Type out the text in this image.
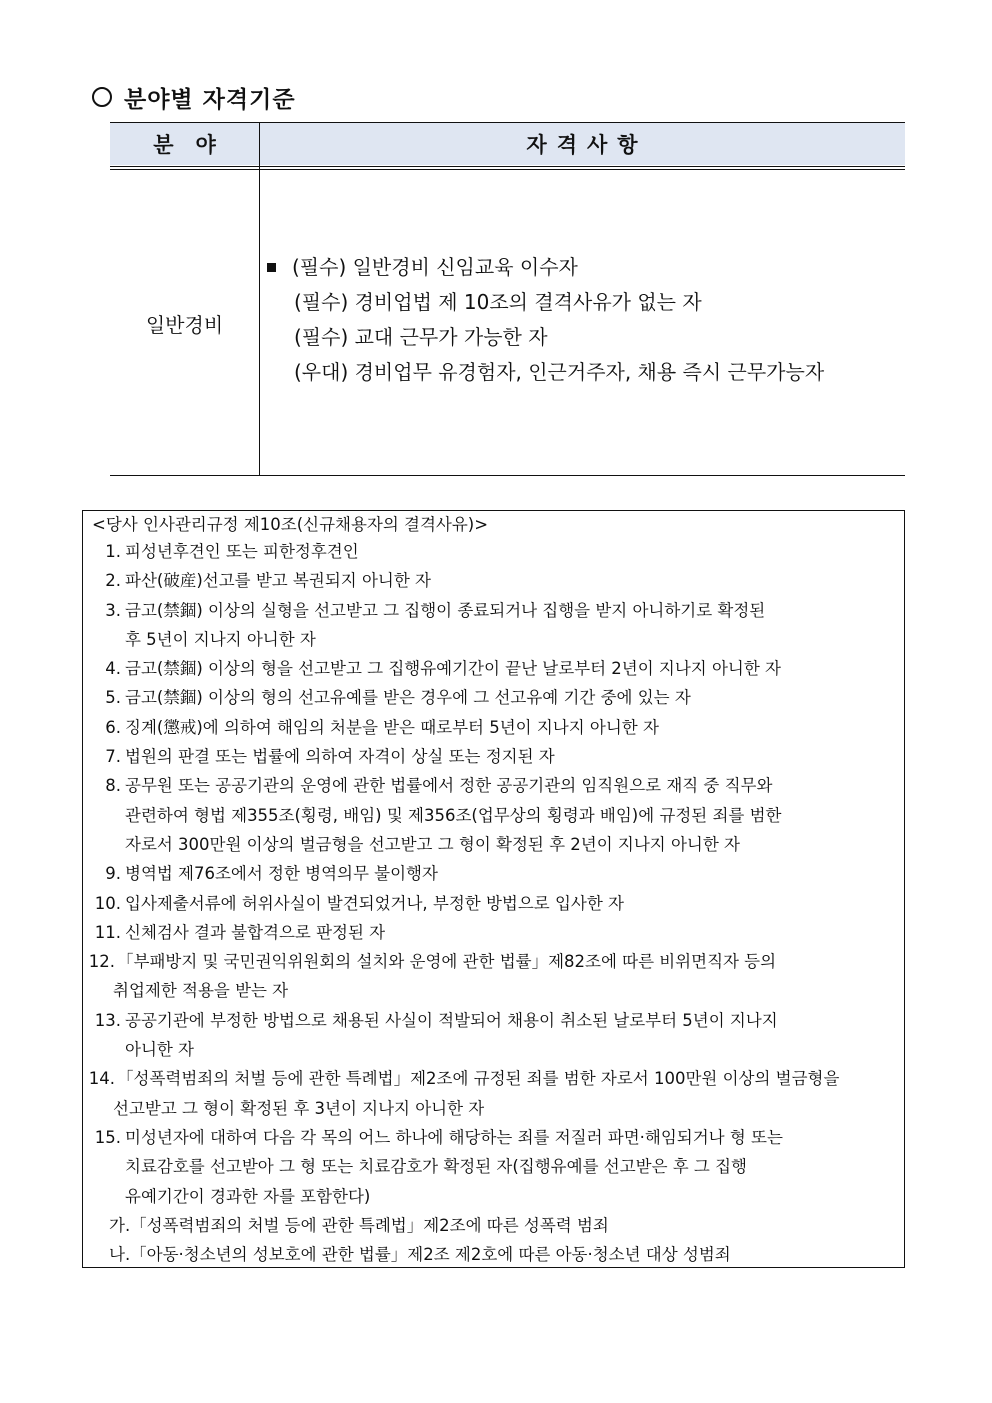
분야별 자격기준
분야	자격사항
일반경비
(필수) 일반경비 신임교육 이수자
(필수) 경비업법 제 10조의 결격사유가 없는 자
(필수) 교대 근무가 가능한 자
(우대) 경비업무 유경험자, 인근거주자, 채용 즉시 근무가능자
<당사 인사관리규정 제10조(신규채용자의 결격사유)>
1. 피성년후견인 또는 피한정후견인
2. 파산(破産)선고를 받고 복권되지 아니한 자
3. 금고(禁錮) 이상의 실형을 선고받고 그 집행이 종료되거나 집행을 받지 아니하기로 확정된
후 5년이 지나지 아니한 자
4. 금고(禁錮) 이상의 형을 선고받고 그 집행유예기간이 끝난 날로부터 2년이 지나지 아니한 자
5. 금고(禁錮) 이상의 형의 선고유예를 받은 경우에 그 선고유예 기간 중에 있는 자
6. 징계(懲戒)에 의하여 해임의 처분을 받은 때로부터 5년이 지나지 아니한 자
7. 법원의 판결 또는 법률에 의하여 자격이 상실 또는 정지된 자
8. 공무원 또는 공공기관의 운영에 관한 법률에서 정한 공공기관의 임직원으로 재직 중 직무와
관련하여 형법 제355조(횡령, 배임) 및 제356조(업무상의 횡령과 배임)에 규정된 죄를 범한
자로서 300만원 이상의 벌금형을 선고받고 그 형이 확정된 후 2년이 지나지 아니한 자
9. 병역법 제76조에서 정한 병역의무 불이행자
10. 입사제출서류에 허위사실이 발견되었거나, 부정한 방법으로 입사한 자
11. 신체검사 결과 불합격으로 판정된 자
12. 「부패방지 및 국민권익위원회의 설치와 운영에 관한 법률」제82조에 따른 비위면직자 등의
취업제한 적용을 받는 자
13. 공공기관에 부정한 방법으로 채용된 사실이 적발되어 채용이 취소된 날로부터 5년이 지나지
아니한 자
14. 「성폭력범죄의 처벌 등에 관한 특례법」제2조에 규정된 죄를 범한 자로서 100만원 이상의 벌금형을
선고받고 그 형이 확정된 후 3년이 지나지 아니한 자
15. 미성년자에 대하여 다음 각 목의 어느 하나에 해당하는 죄를 저질러 파면·해임되거나 형 또는
치료감호를 선고받아 그 형 또는 치료감호가 확정된 자(집행유예를 선고받은 후 그 집행
유예기간이 경과한 자를 포함한다)
가.「성폭력범죄의 처벌 등에 관한 특례법」제2조에 따른 성폭력 범죄
나.「아동·청소년의 성보호에 관한 법률」제2조 제2호에 따른 아동·청소년 대상 성범죄
